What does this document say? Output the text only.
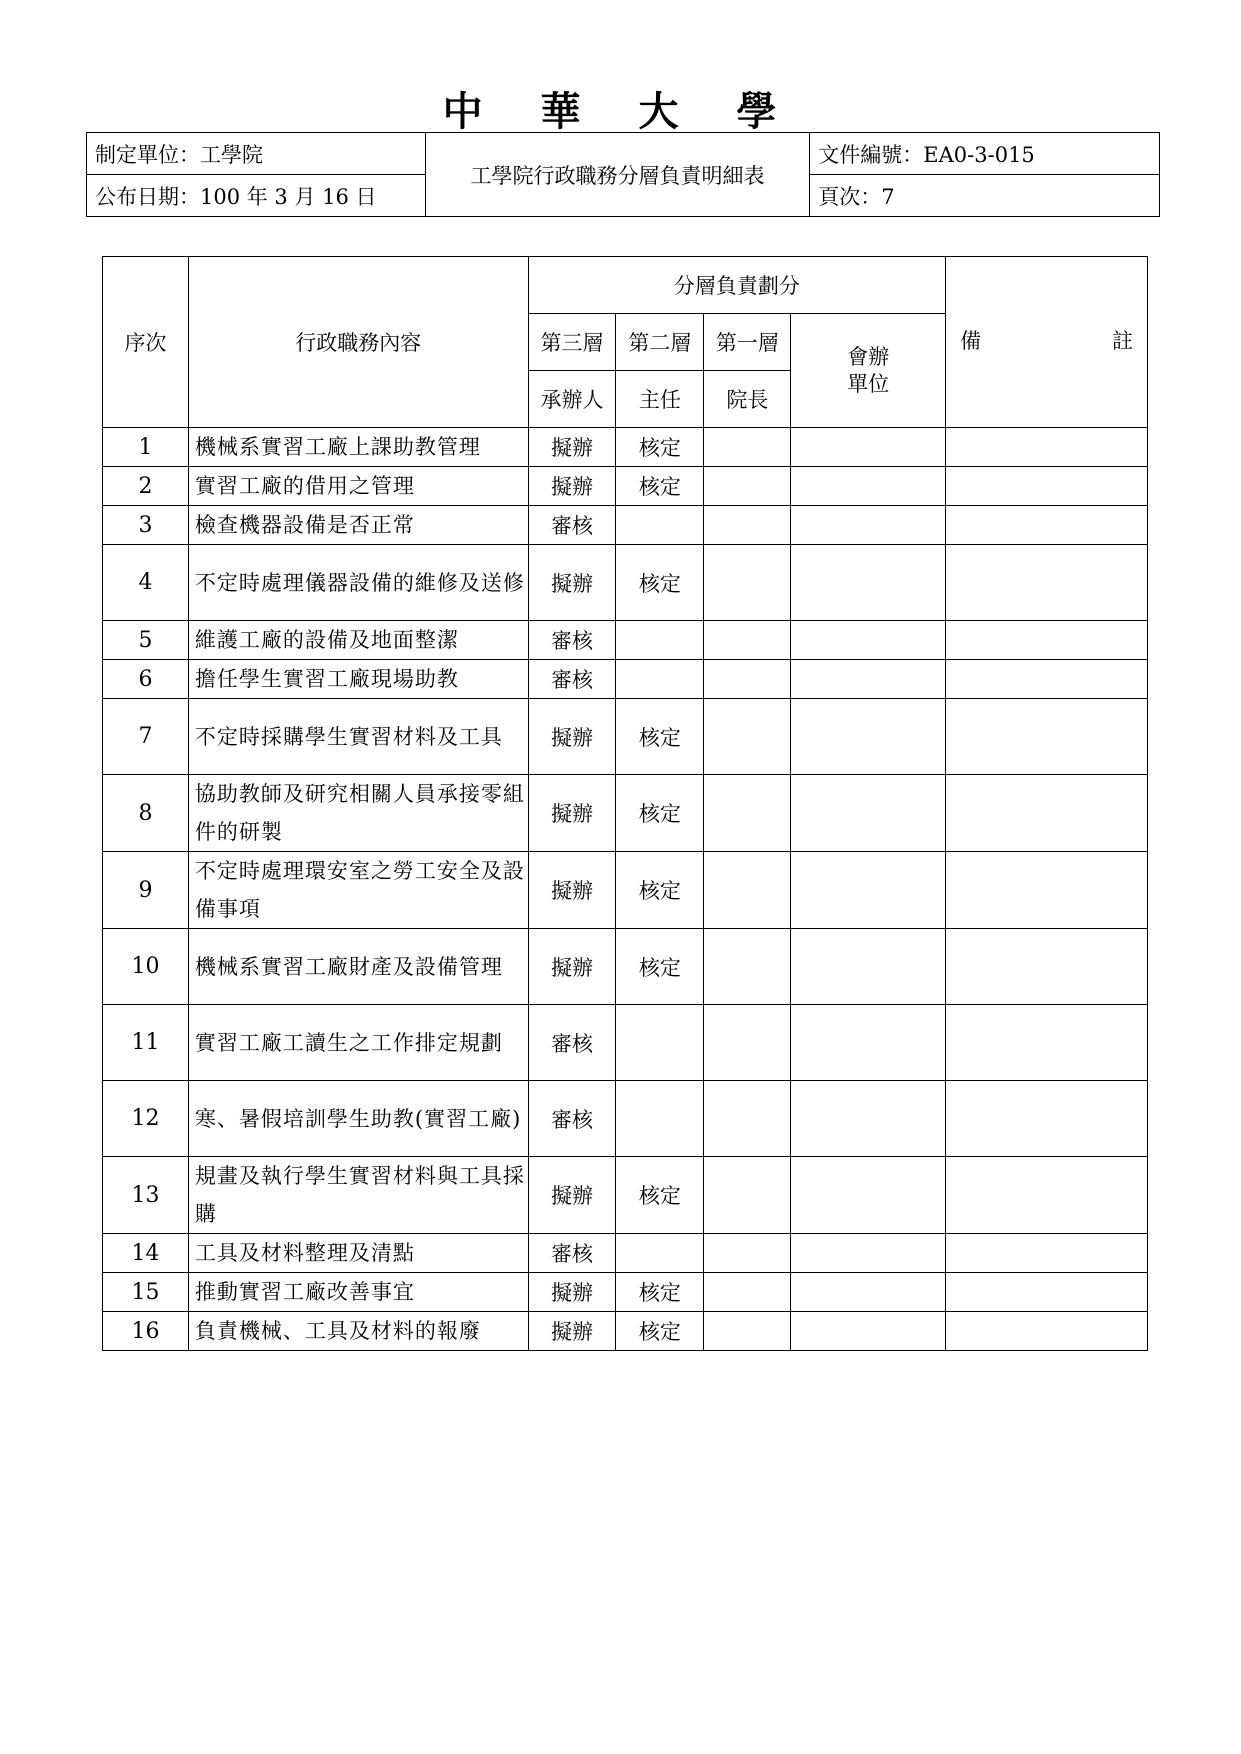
中 華 大 學
制定單位：工學院	工學院行政職務分層負責明細表	文件編號：EA0-3-015
公布日期：100 年 3 月 16 日		頁次：7
序次	行政職務內容	分層負責劃分				備 註

		第三層	第二層	第一層	會辦
單位	

		承辦人	主任	院長		
1	機械系實習工廠上課助教管理	擬辦	核定			
2	實習工廠的借用之管理	擬辦	核定			
3	檢查機器設備是否正常	審核				
4	不定時處理儀器設備的維修及送修	擬辦	核定			
5	維護工廠的設備及地面整潔	審核				
6	擔任學生實習工廠現場助教	審核				
7	不定時採購學生實習材料及工具	擬辦	核定			
8	協助教師及研究相關人員承接零組件的研製	擬辦	核定			
9	不定時處理環安室之勞工安全及設備事項	擬辦	核定			
10	機械系實習工廠財產及設備管理	擬辦	核定			
11	實習工廠工讀生之工作排定規劃	審核				
12	寒、暑假培訓學生助教(實習工廠)	審核				
13	規畫及執行學生實習材料與工具採購	擬辦	核定			
14	工具及材料整理及清點	審核				
15	推動實習工廠改善事宜	擬辦	核定			
16	負責機械、工具及材料的報廢	擬辦	核定			
